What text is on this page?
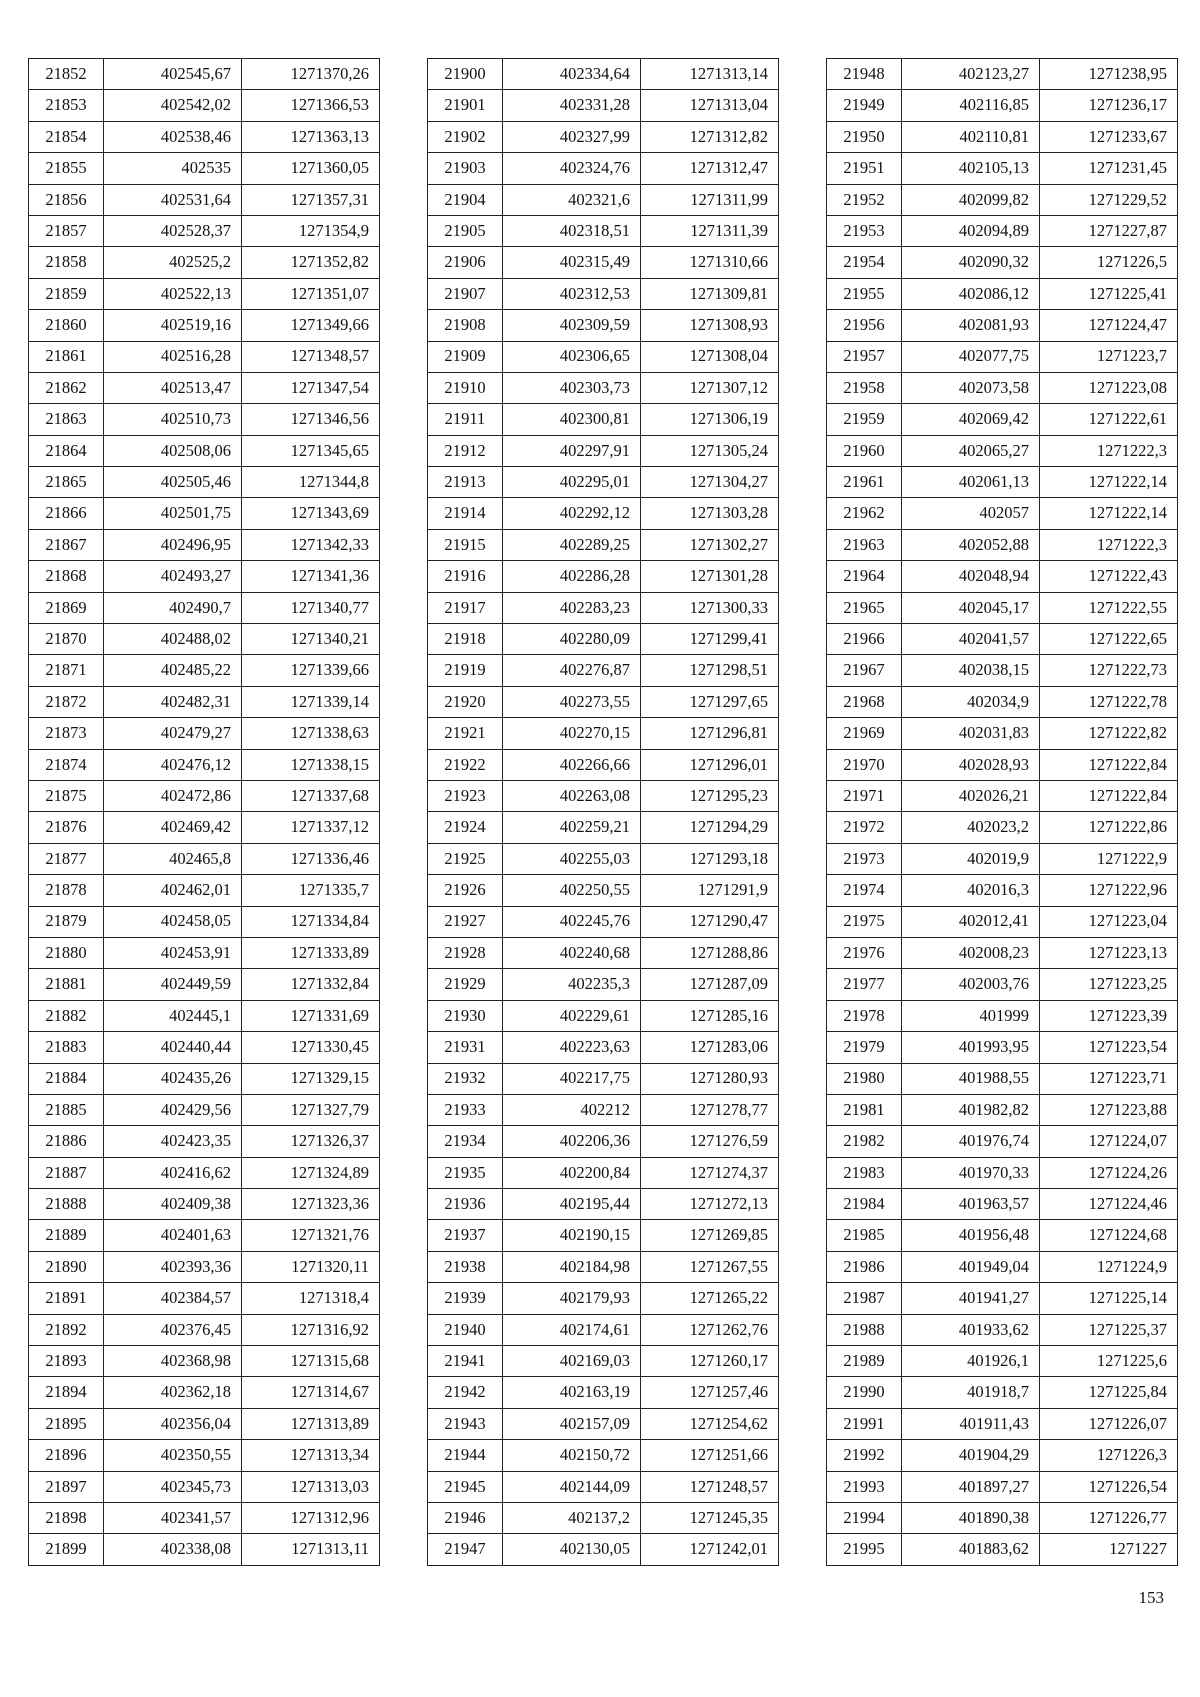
21852	402545,67	1271370,26
21853	402542,02	1271366,53
21854	402538,46	1271363,13
21855	402535	1271360,05
21856	402531,64	1271357,31
21857	402528,37	1271354,9
21858	402525,2	1271352,82
21859	402522,13	1271351,07
21860	402519,16	1271349,66
21861	402516,28	1271348,57
21862	402513,47	1271347,54
21863	402510,73	1271346,56
21864	402508,06	1271345,65
21865	402505,46	1271344,8
21866	402501,75	1271343,69
21867	402496,95	1271342,33
21868	402493,27	1271341,36
21869	402490,7	1271340,77
21870	402488,02	1271340,21
21871	402485,22	1271339,66
21872	402482,31	1271339,14
21873	402479,27	1271338,63
21874	402476,12	1271338,15
21875	402472,86	1271337,68
21876	402469,42	1271337,12
21877	402465,8	1271336,46
21878	402462,01	1271335,7
21879	402458,05	1271334,84
21880	402453,91	1271333,89
21881	402449,59	1271332,84
21882	402445,1	1271331,69
21883	402440,44	1271330,45
21884	402435,26	1271329,15
21885	402429,56	1271327,79
21886	402423,35	1271326,37
21887	402416,62	1271324,89
21888	402409,38	1271323,36
21889	402401,63	1271321,76
21890	402393,36	1271320,11
21891	402384,57	1271318,4
21892	402376,45	1271316,92
21893	402368,98	1271315,68
21894	402362,18	1271314,67
21895	402356,04	1271313,89
21896	402350,55	1271313,34
21897	402345,73	1271313,03
21898	402341,57	1271312,96
21899	402338,08	1271313,11
21900	402334,64	1271313,14
21901	402331,28	1271313,04
21902	402327,99	1271312,82
21903	402324,76	1271312,47
21904	402321,6	1271311,99
21905	402318,51	1271311,39
21906	402315,49	1271310,66
21907	402312,53	1271309,81
21908	402309,59	1271308,93
21909	402306,65	1271308,04
21910	402303,73	1271307,12
21911	402300,81	1271306,19
21912	402297,91	1271305,24
21913	402295,01	1271304,27
21914	402292,12	1271303,28
21915	402289,25	1271302,27
21916	402286,28	1271301,28
21917	402283,23	1271300,33
21918	402280,09	1271299,41
21919	402276,87	1271298,51
21920	402273,55	1271297,65
21921	402270,15	1271296,81
21922	402266,66	1271296,01
21923	402263,08	1271295,23
21924	402259,21	1271294,29
21925	402255,03	1271293,18
21926	402250,55	1271291,9
21927	402245,76	1271290,47
21928	402240,68	1271288,86
21929	402235,3	1271287,09
21930	402229,61	1271285,16
21931	402223,63	1271283,06
21932	402217,75	1271280,93
21933	402212	1271278,77
21934	402206,36	1271276,59
21935	402200,84	1271274,37
21936	402195,44	1271272,13
21937	402190,15	1271269,85
21938	402184,98	1271267,55
21939	402179,93	1271265,22
21940	402174,61	1271262,76
21941	402169,03	1271260,17
21942	402163,19	1271257,46
21943	402157,09	1271254,62
21944	402150,72	1271251,66
21945	402144,09	1271248,57
21946	402137,2	1271245,35
21947	402130,05	1271242,01
21948	402123,27	1271238,95
21949	402116,85	1271236,17
21950	402110,81	1271233,67
21951	402105,13	1271231,45
21952	402099,82	1271229,52
21953	402094,89	1271227,87
21954	402090,32	1271226,5
21955	402086,12	1271225,41
21956	402081,93	1271224,47
21957	402077,75	1271223,7
21958	402073,58	1271223,08
21959	402069,42	1271222,61
21960	402065,27	1271222,3
21961	402061,13	1271222,14
21962	402057	1271222,14
21963	402052,88	1271222,3
21964	402048,94	1271222,43
21965	402045,17	1271222,55
21966	402041,57	1271222,65
21967	402038,15	1271222,73
21968	402034,9	1271222,78
21969	402031,83	1271222,82
21970	402028,93	1271222,84
21971	402026,21	1271222,84
21972	402023,2	1271222,86
21973	402019,9	1271222,9
21974	402016,3	1271222,96
21975	402012,41	1271223,04
21976	402008,23	1271223,13
21977	402003,76	1271223,25
21978	401999	1271223,39
21979	401993,95	1271223,54
21980	401988,55	1271223,71
21981	401982,82	1271223,88
21982	401976,74	1271224,07
21983	401970,33	1271224,26
21984	401963,57	1271224,46
21985	401956,48	1271224,68
21986	401949,04	1271224,9
21987	401941,27	1271225,14
21988	401933,62	1271225,37
21989	401926,1	1271225,6
21990	401918,7	1271225,84
21991	401911,43	1271226,07
21992	401904,29	1271226,3
21993	401897,27	1271226,54
21994	401890,38	1271226,77
21995	401883,62	1271227
153
